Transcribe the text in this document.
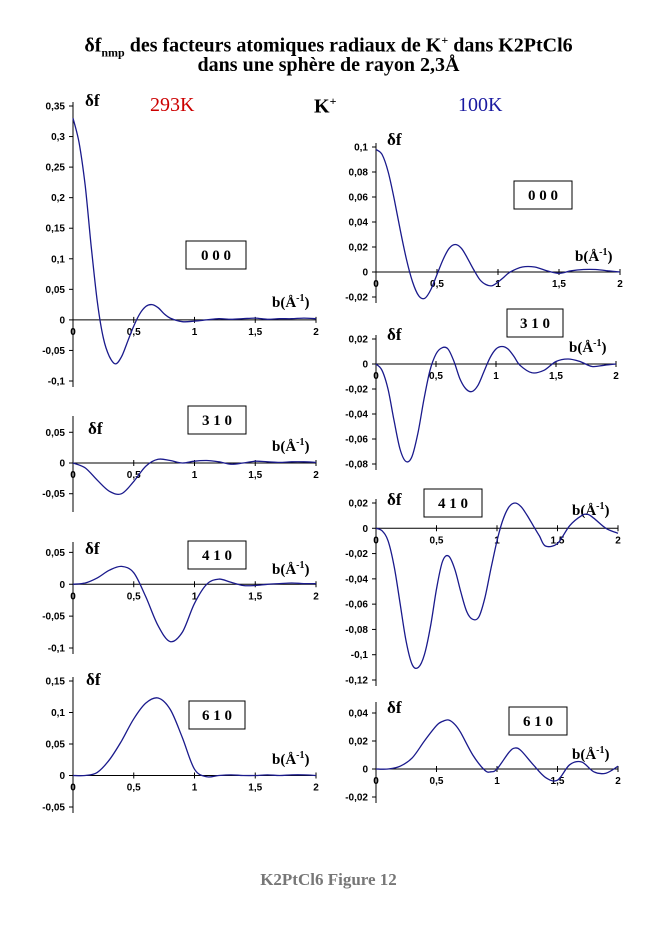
$\delta f_{nmp}$ des facteurs atomiques radiaux de K+ dans K2PtCl6
dans une sphère de rayon 2,3Å
293K	K+	100K
-0,1
-0,05
0
0,05
0,1
0,15
0,2
0,25
0,3
0,35
0	0,5	1	1,5	2
δf
$b(Å^{-1})$
0 0 0
-0,05
0
0,05
0	0,5	1	1,5	2
δf
$b(Å^{-1})$
3 1 0
-0,1
-0,05
0
0,05
0	0,5	1	1,5	2
δf
$b(Å^{-1})$
4 1 0
-0,05
0
0,05
0,1
0,15
0	0,5	1	1,5	2
δf
$b(Å^{-1})$
6 1 0
-0,02
0
0,02
0,04
0,06
0,08
0,1
0	0,5	1	1,5	2
δf
$b(Å^{-1})$
0 0 0
-0,08
-0,06
-0,04
-0,02
0
0,02
0	0,5	1	1,5	2
δf
$b(Å^{-1})$
3 1 0
-0,12
-0,1
-0,08
-0,06
-0,04
-0,02
0
0,02
0	0,5	1	1,5	2
δf
$b(Å^{-1})$
4 1 0
-0,02
0
0,02
0,04
0	0,5	1	1,5	2
δf
$b(Å^{-1})$
6 1 0
K2PtCl6 Figure 12
